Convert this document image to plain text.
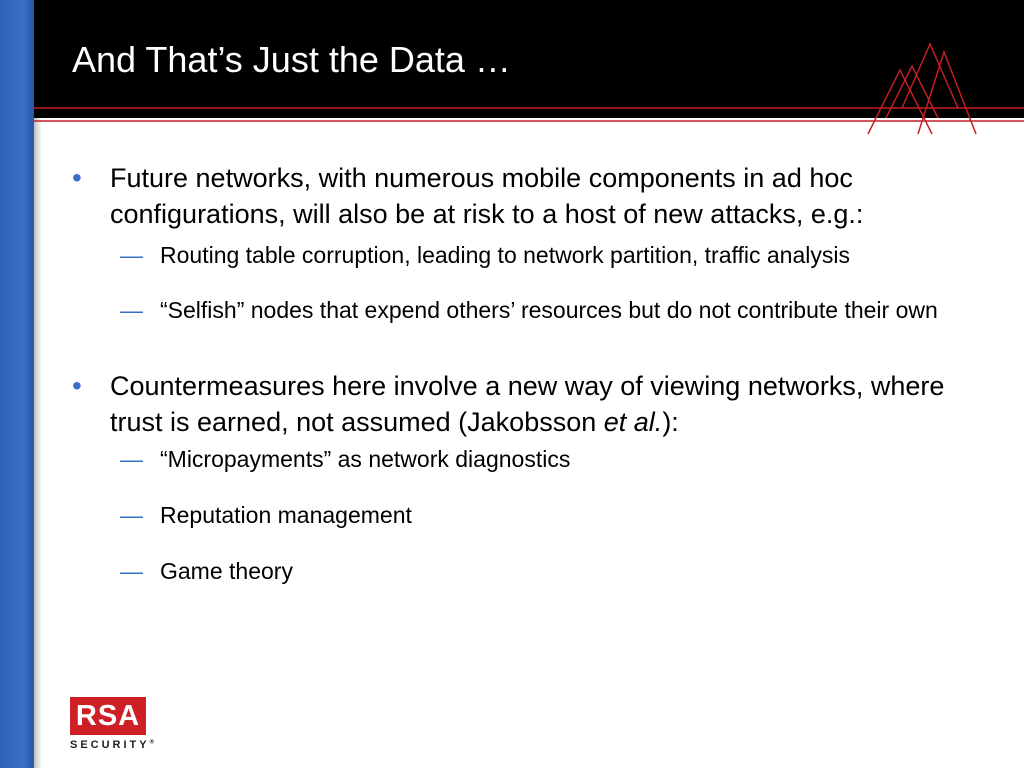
And That’s Just the Data …
• Future networks, with numerous mobile components in ad hoc configurations, will also be at risk to a host of new attacks, e.g.:
— Routing table corruption, leading to network partition, traffic analysis
— “Selfish” nodes that expend others’ resources but do not contribute their own
• Countermeasures here involve a new way of viewing networks, where trust is earned, not assumed (Jakobsson et al.):
— “Micropayments” as network diagnostics
— Reputation management
— Game theory
RSA
SECURITY®
